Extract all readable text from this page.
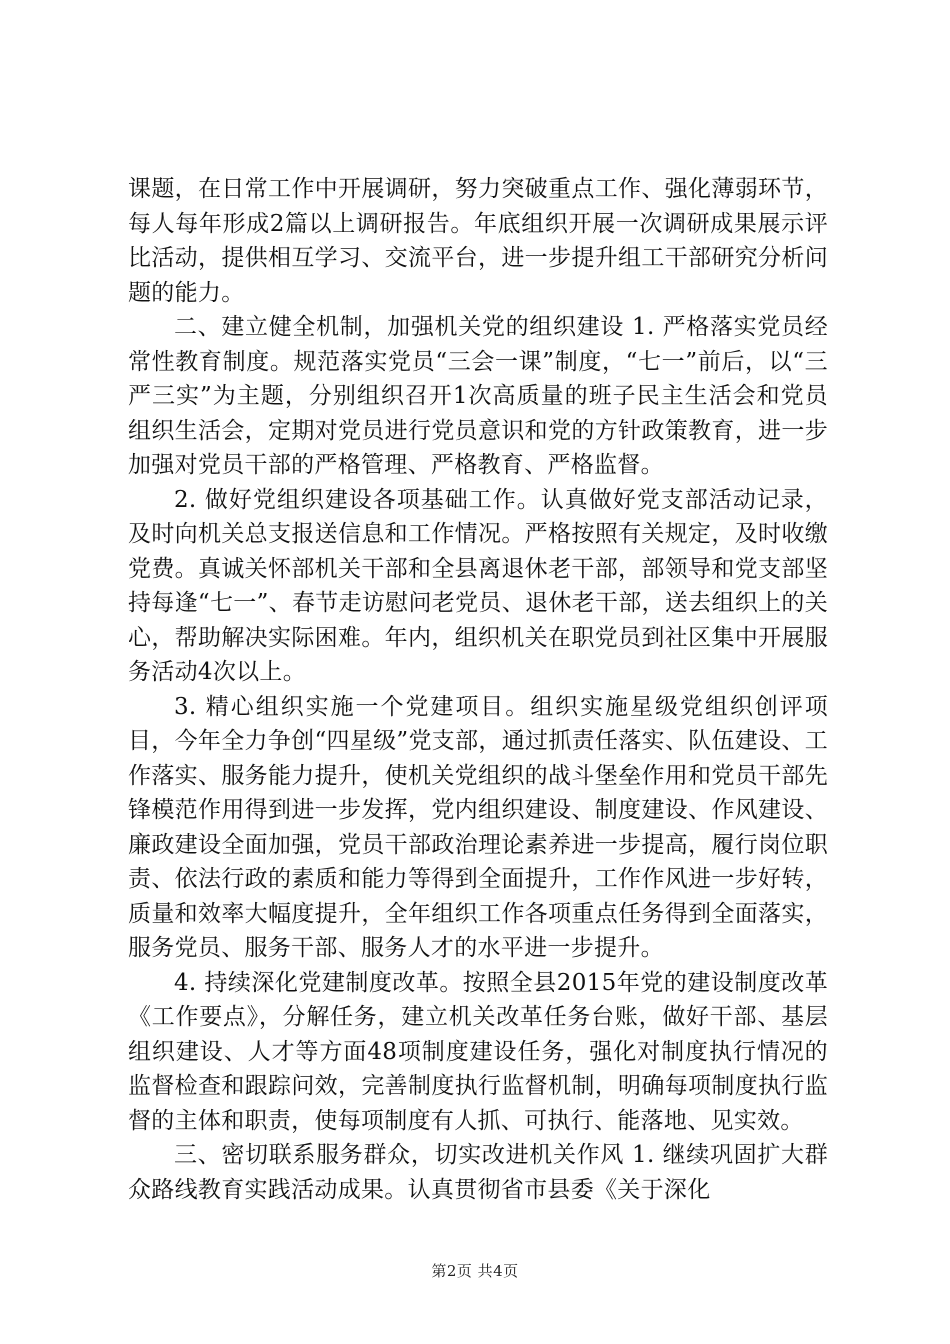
课题，在日常工作中开展调研，努力突破重点工作、强化薄弱环节，每人每年形成2篇以上调研报告。年底组织开展一次调研成果展示评比活动，提供相互学习、交流平台，进一步提升组工干部研究分析问题的能力。

二、建立健全机制，加强机关党的组织建设 1. 严格落实党员经常性教育制度。规范落实党员“三会一课”制度，“七一”前后，以“三严三实”为主题，分别组织召开1次高质量的班子民主生活会和党员组织生活会，定期对党员进行党员意识和党的方针政策教育，进一步加强对党员干部的严格管理、严格教育、严格监督。

2. 做好党组织建设各项基础工作。认真做好党支部活动记录，及时向机关总支报送信息和工作情况。严格按照有关规定，及时收缴党费。真诚关怀部机关干部和全县离退休老干部，部领导和党支部坚持每逢“七一”、春节走访慰问老党员、退休老干部，送去组织上的关心，帮助解决实际困难。年内，组织机关在职党员到社区集中开展服务活动4次以上。

3. 精心组织实施一个党建项目。组织实施星级党组织创评项目，今年全力争创“四星级”党支部，通过抓责任落实、队伍建设、工作落实、服务能力提升，使机关党组织的战斗堡垒作用和党员干部先锋模范作用得到进一步发挥，党内组织建设、制度建设、作风建设、廉政建设全面加强，党员干部政治理论素养进一步提高，履行岗位职责、依法行政的素质和能力等得到全面提升，工作作风进一步好转，质量和效率大幅度提升，全年组织工作各项重点任务得到全面落实，服务党员、服务干部、服务人才的水平进一步提升。

4. 持续深化党建制度改革。按照全县2015年党的建设制度改革《工作要点》，分解任务，建立机关改革任务台账，做好干部、基层组织建设、人才等方面48项制度建设任务，强化对制度执行情况的监督检查和跟踪问效，完善制度执行监督机制，明确每项制度执行监督的主体和职责，使每项制度有人抓、可执行、能落地、见实效。

三、密切联系服务群众，切实改进机关作风 1. 继续巩固扩大群众路线教育实践活动成果。认真贯彻省市县委《关于深化

第2页 共4页
